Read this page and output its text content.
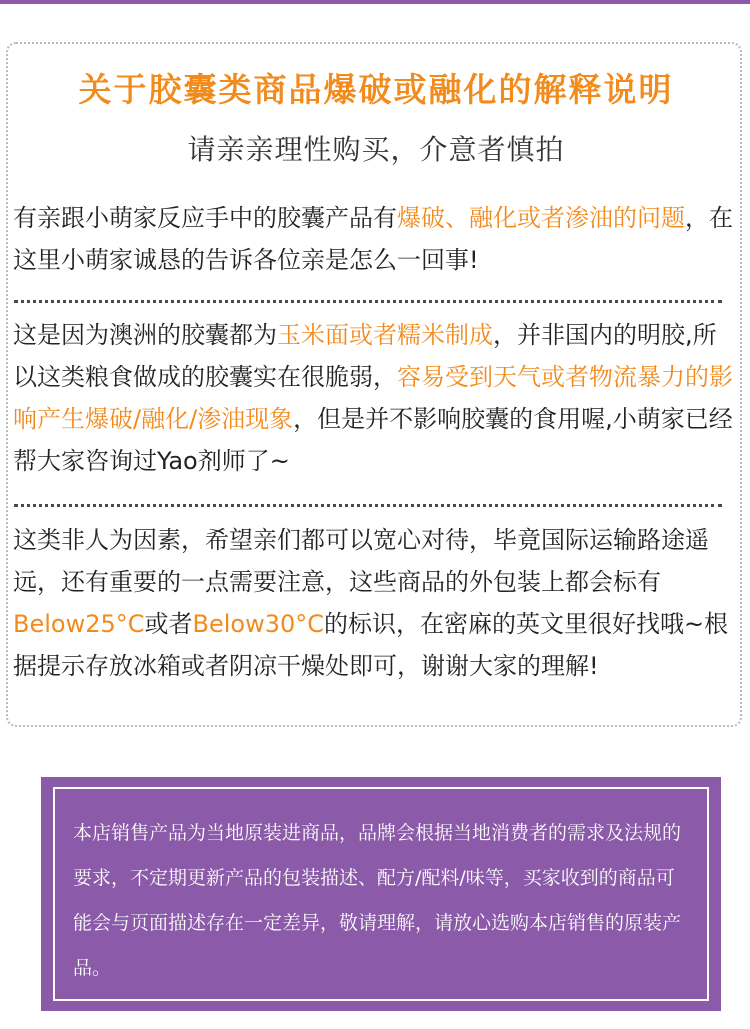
关于胶囊类商品爆破或融化的解释说明
请亲亲理性购买，介意者慎拍
有亲跟小萌家反应手中的胶囊产品有爆破、融化或者渗油的问题，在这里小萌家诚恳的告诉各位亲是怎么一回事!
这是因为澳洲的胶囊都为玉米面或者糯米制成，并非国内的明胶,所以这类粮食做成的胶囊实在很脆弱，容易受到天气或者物流暴力的影响产生爆破/融化/渗油现象，但是并不影响胶囊的食用喔,小萌家已经帮大家咨询过Yao剂师了~
这类非人为因素，希望亲们都可以宽心对待，毕竟国际运输路途遥远，还有重要的一点需要注意，这些商品的外包装上都会标有Below25°C或者Below30°C的标识，在密麻的英文里很好找哦~根据提示存放冰箱或者阴凉干燥处即可，谢谢大家的理解!
本店销售产品为当地原装进商品，品牌会根据当地消费者的需求及法规的要求，不定期更新产品的包装描述、配方/配料/味等，买家收到的商品可能会与页面描述存在一定差异，敬请理解，请放心选购本店销售的原装产品。
